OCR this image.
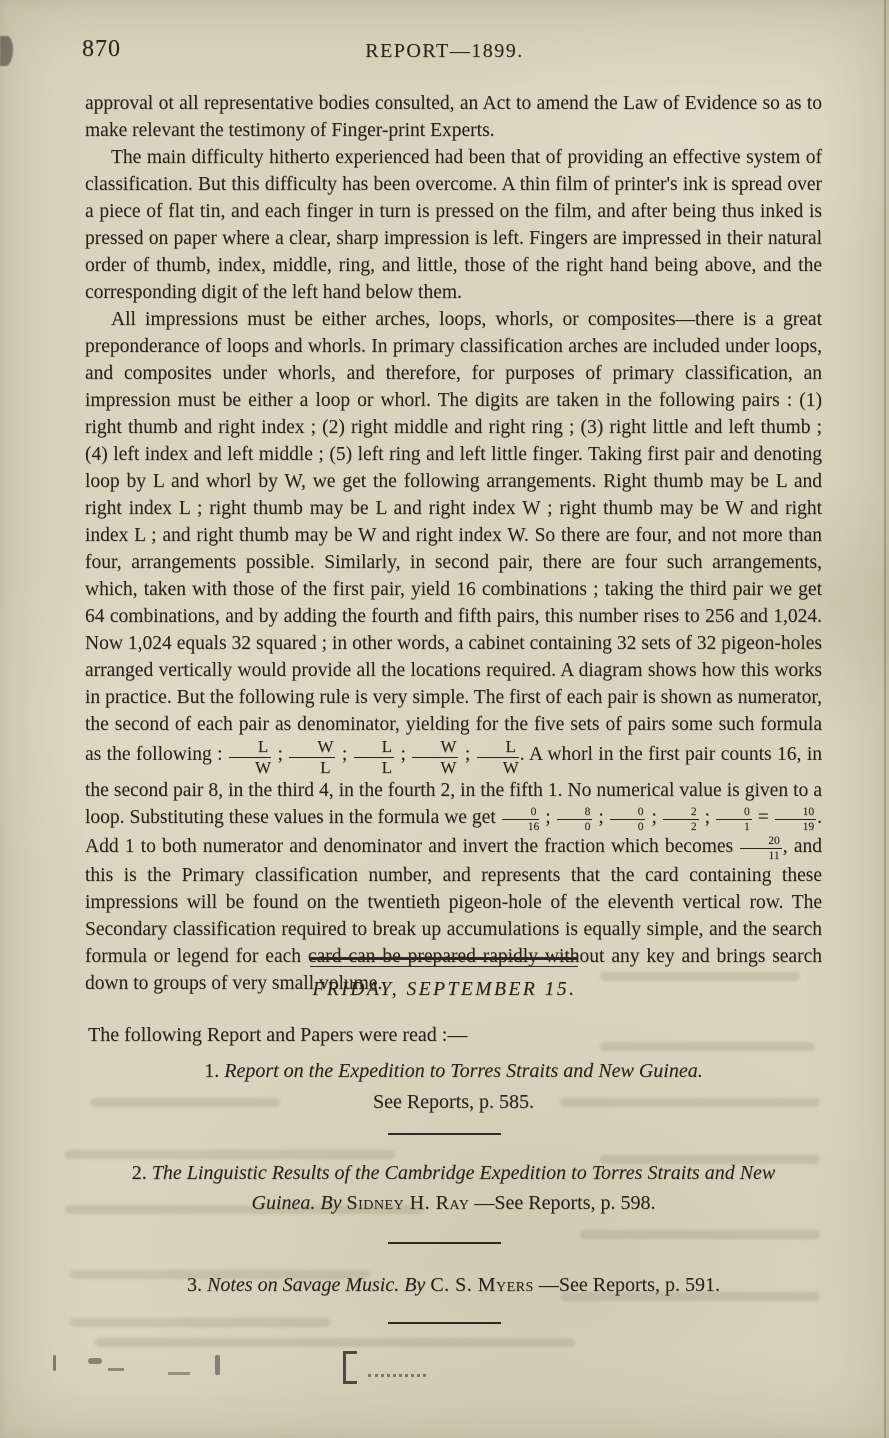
870	REPORT—1899.

approval ot all representative bodies consulted, an Act to amend the Law of Evidence so as to make relevant the testimony of Finger-print Experts.

The main difficulty hitherto experienced had been that of providing an effective system of classification. But this difficulty has been overcome. A thin film of printer's ink is spread over a piece of flat tin, and each finger in turn is pressed on the film, and after being thus inked is pressed on paper where a clear, sharp impression is left. Fingers are impressed in their natural order of thumb, index, middle, ring, and little, those of the right hand being above, and the corresponding digit of the left hand below them.

All impressions must be either arches, loops, whorls, or composites—there is a great preponderance of loops and whorls. In primary classification arches are included under loops, and composites under whorls, and therefore, for purposes of primary classification, an impression must be either a loop or whorl. The digits are taken in the following pairs : (1) right thumb and right index ; (2) right middle and right ring ; (3) right little and left thumb ; (4) left index and left middle ; (5) left ring and left little finger. Taking first pair and denoting loop by L and whorl by W, we get the following arrangements. Right thumb may be L and right index L ; right thumb may be L and right index W ; right thumb may be W and right index L ; and right thumb may be W and right index W. So there are four, and not more than four, arrangements possible. Similarly, in second pair, there are four such arrangements, which, taken with those of the first pair, yield 16 combinations ; taking the third pair we get 64 combinations, and by adding the fourth and fifth pairs, this number rises to 256 and 1,024. Now 1,024 equals 32 squared ; in other words, a cabinet containing 32 sets of 32 pigeon-holes arranged vertically would provide all the locations required. A diagram shows how this works in practice. But the following rule is very simple. The first of each pair is shown as numerator, the second of each pair as denominator, yielding for the five sets of pairs some such formula as the following : $\frac{L}{W}$ ; $\frac{W}{L}$ ; $\frac{L}{L}$ ; $\frac{W}{W}$ ; $\frac{L}{W}$ . A whorl in the first pair counts 16, in the second pair 8, in the third 4, in the fourth 2, in the fifth 1. No numerical value is given to a loop. Substituting these values in the formula we get $\frac{0}{16}$ ; $\frac{8}{0}$ ; $\frac{0}{0}$ ; $\frac{2}{2}$ ; $\frac{0}{1} = \frac{10}{19}$ . Add 1 to both numerator and denominator and invert the fraction which becomes $\frac{20}{11}$ , and this is the Primary classification number, and represents that the card containing these impressions will be found on the twentieth pigeon-hole of the eleventh vertical row. The Secondary classification required to break up accumulations is equally simple, and the search formula or legend for each card can be prepared rapidly without any key and brings search down to groups of very small volume.

FRIDAY, SEPTEMBER 15.
The following Report and Papers were read :—
1. Report on the Expedition to Torres Straits and New Guinea.
See Reports, p. 585.
2. The Linguistic Results of the Cambridge Expedition to Torres Straits and New Guinea. By Sidney H. Ray —See Reports, p. 598.
3. Notes on Savage Music. By C. S. Myers —See Reports, p. 591.
